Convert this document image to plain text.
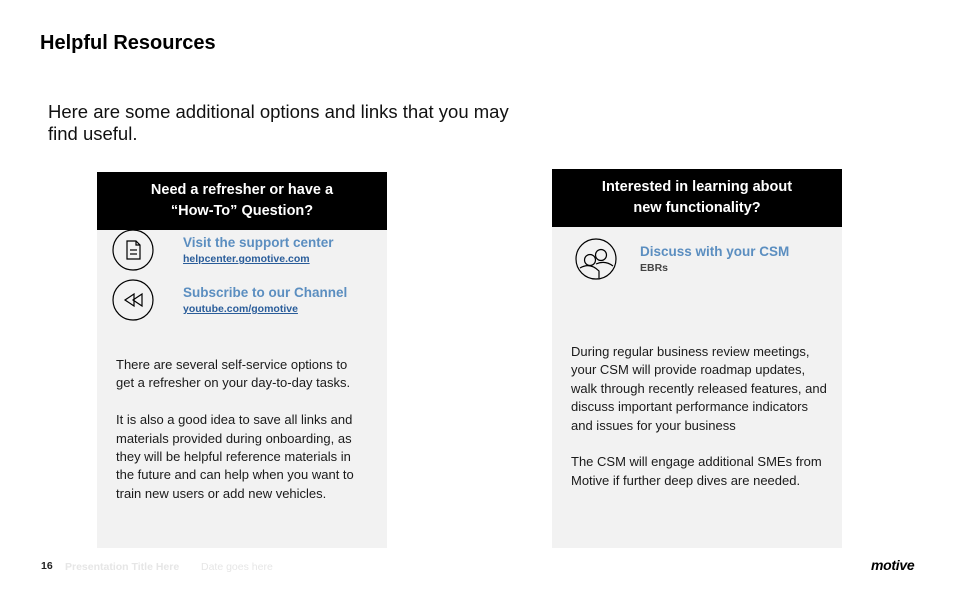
Helpful Resources
Here are some additional options and links that you may find useful.
Need a refresher or have a
“How-To” Question?
Visit the support center
helpcenter.gomotive.com
Subscribe to our Channel
youtube.com/gomotive

There are several self-service options to get a refresher on your day-to-day tasks.

It is also a good idea to save all links and materials provided during onboarding, as they will be helpful reference materials in the future and can help when you want to train new users or add new vehicles.

Interested in learning about
new functionality?
Discuss with your CSM
EBRs

During regular business review meetings, your CSM will provide roadmap updates, walk through recently released features, and discuss important performance indicators and issues for your business

The CSM will engage additional SMEs from Motive if further deep dives are needed.

16 Presentation Title Here Date goes here	motive
